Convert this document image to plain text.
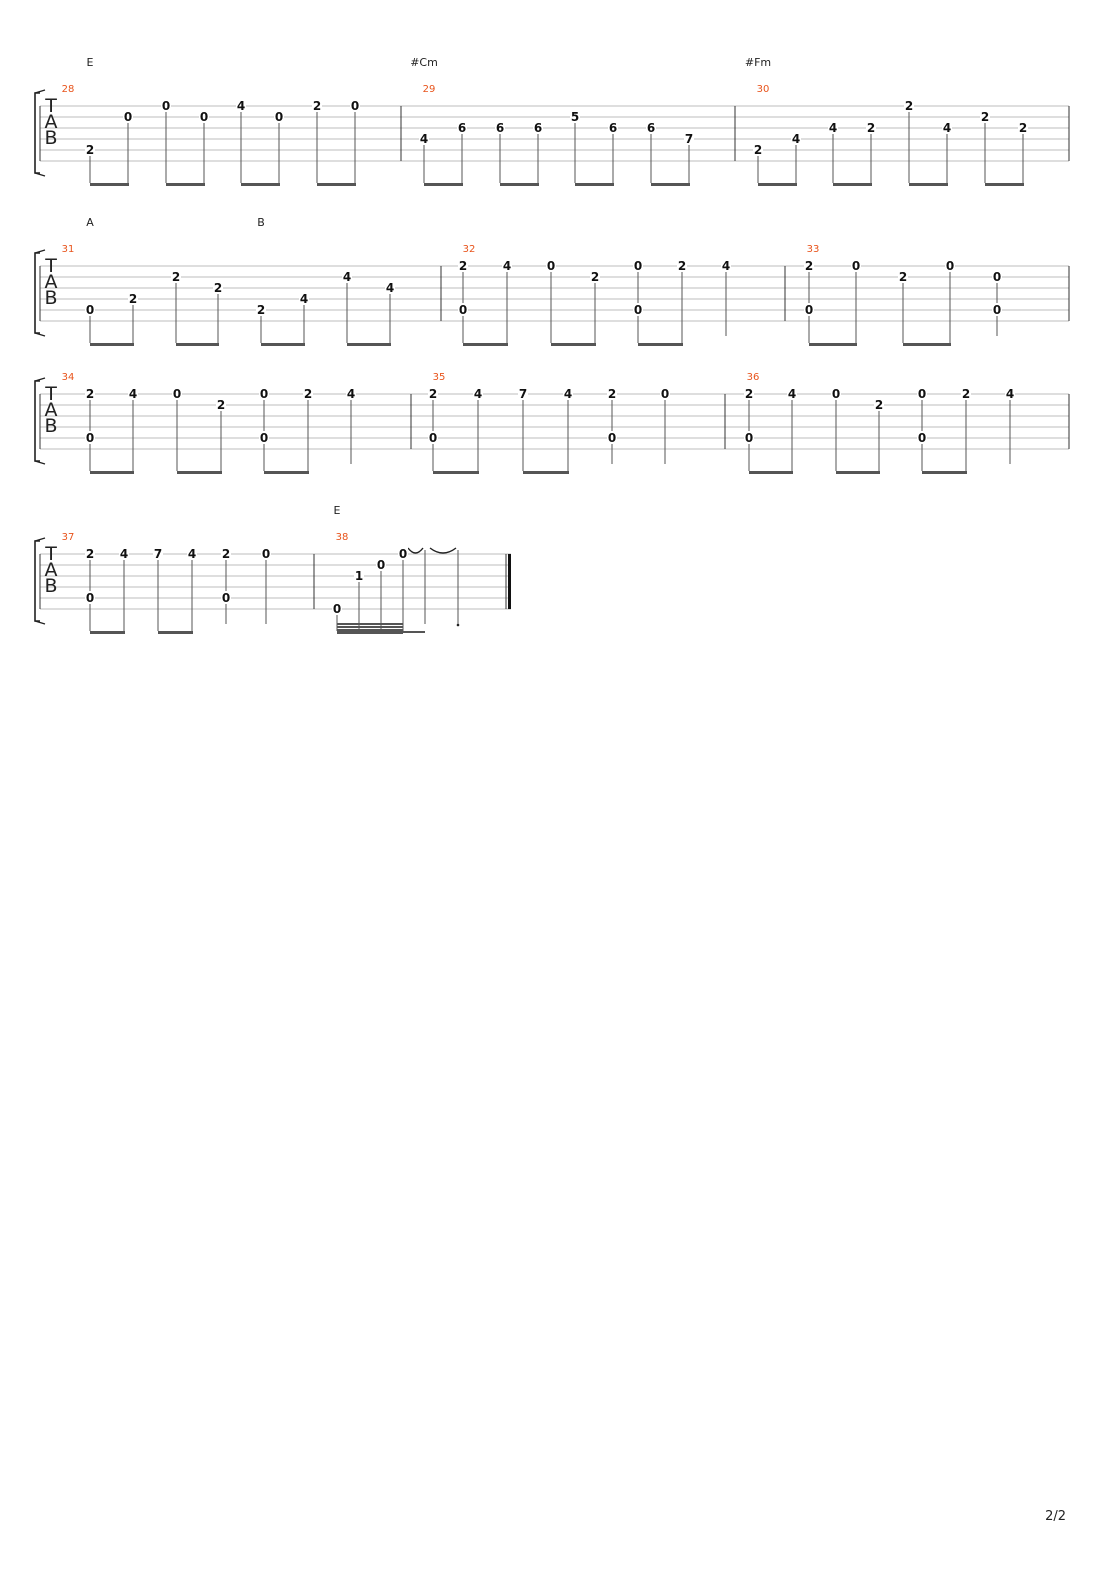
T
A
B
28
E
2
0
0
0
4
0
2 0
29
#Cm
4
6 6 6
5
6 6
7
30
#Fm
2
4
4 2
2
4
2
2
T
A
B
31
A	B
0
2
2
2
2
4
4
4
32
2
0
4	0
2
0
0
2	4
33
2
0
0
2
0
0
0
T
A
B
34
2
0
4	0
2
0
0
2	4
35
2
0
4	7	4	2
0
0
36
2
0
4	0
2
0
0
2	4
T
A
B
37
2
0
4 7 4 2
0
0
38
E
0
1
0
0
2/2
